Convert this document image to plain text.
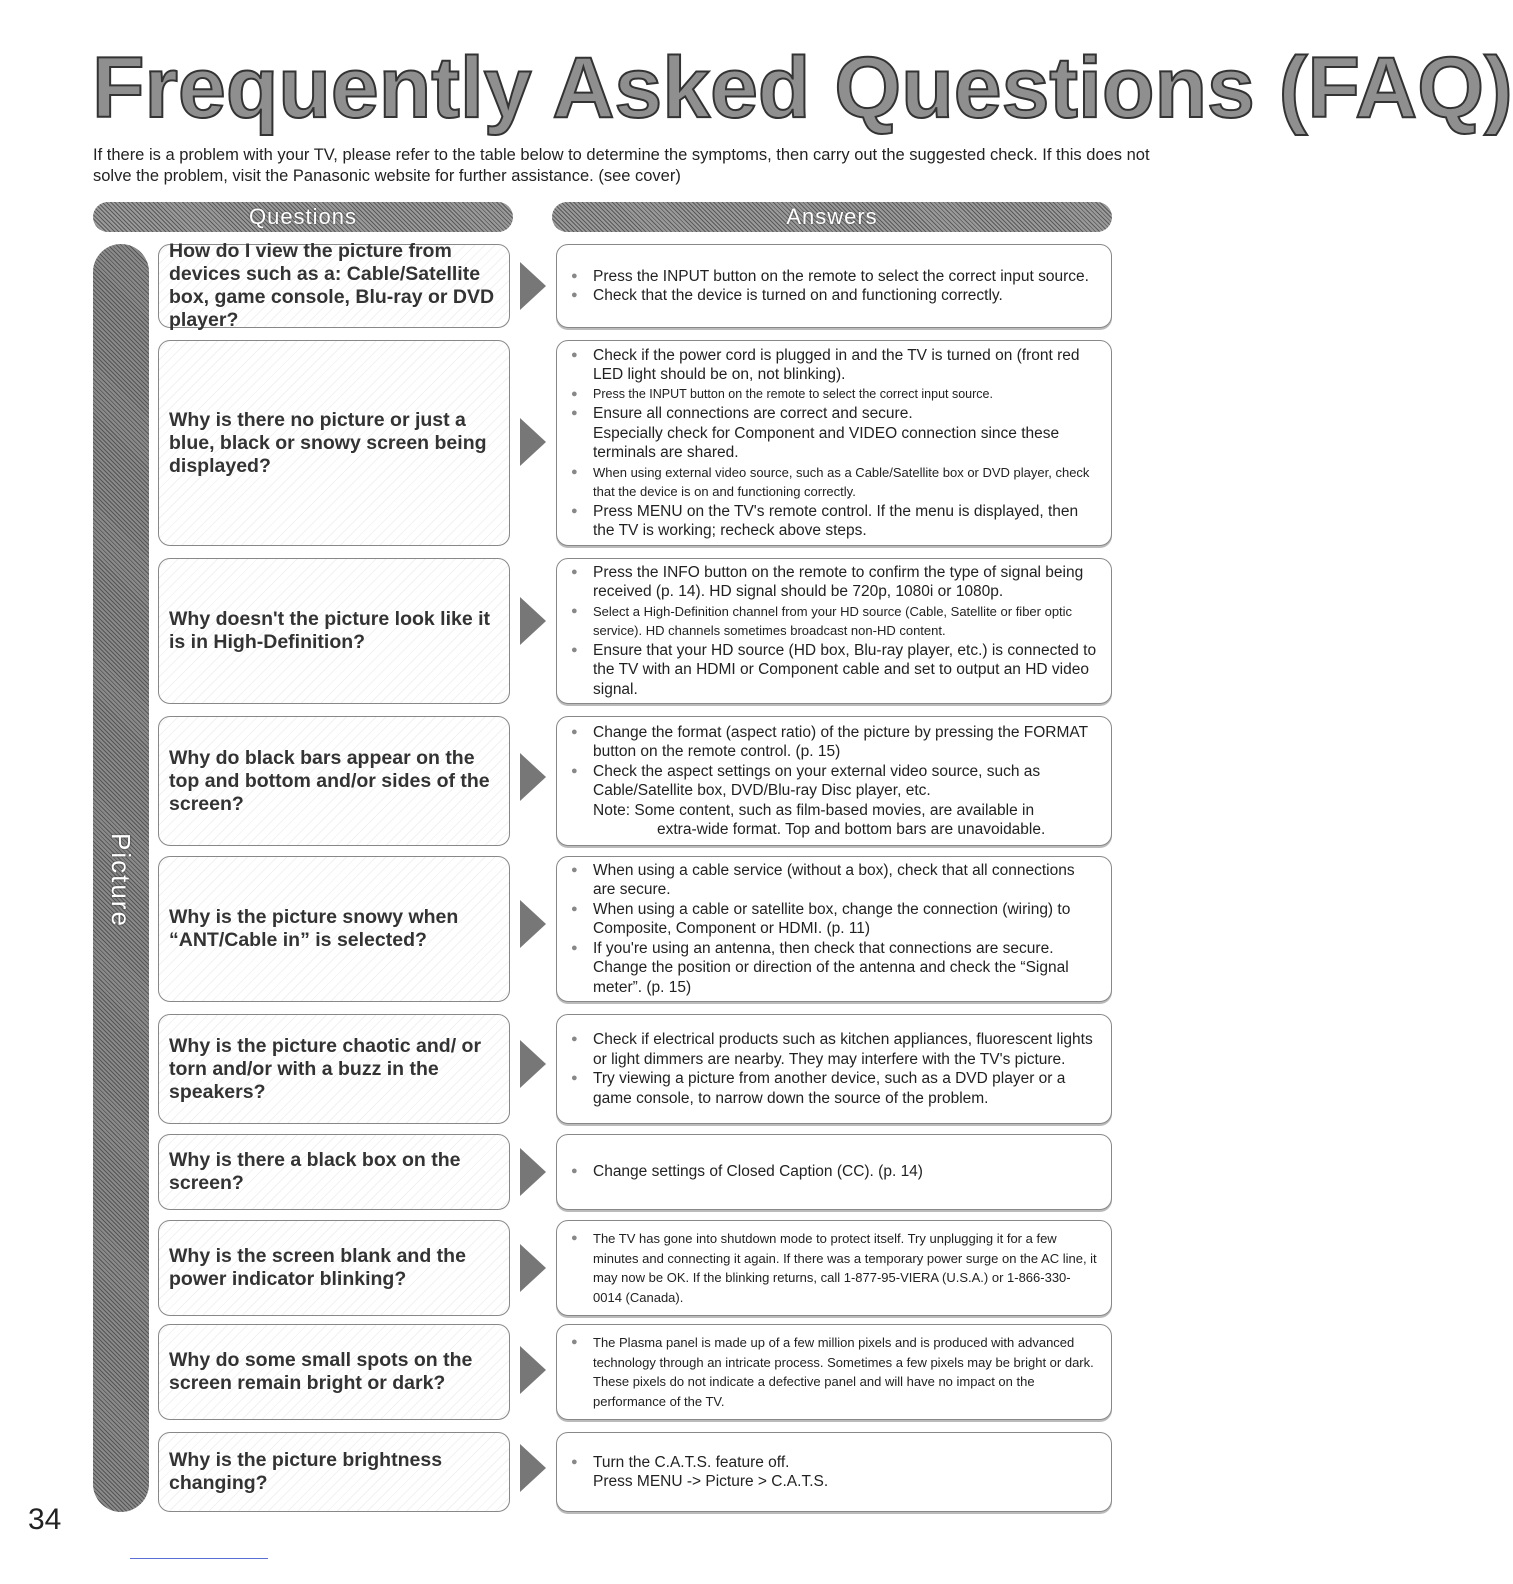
Frequently Asked Questions (FAQ)
If there is a problem with your TV, please refer to the table below to determine the symptoms, then carry out the suggested check. If this does not solve the problem, visit the Panasonic website for further assistance. (see cover)
Questions	Answers
Picture
How do I view the picture from devices such as a: Cable/Satellite box, game console, Blu-ray or DVD player?
● Press the INPUT button on the remote to select the correct input source.
● Check that the device is turned on and functioning correctly.
Why is there no picture or just a blue, black or snowy screen being displayed?
● Check if the power cord is plugged in and the TV is turned on (front red LED light should be on, not blinking).
●	Press the INPUT button on the remote to select the correct input source.
● Ensure all connections are correct and secure.
Especially check for Component and VIDEO connection since these terminals are shared.
●	When using external video source, such as a Cable/Satellite box or DVD player, check that the device is on and functioning correctly.
● Press MENU on the TV's remote control. If the menu is displayed, then the TV is working; recheck above steps.
Why doesn't the picture look like it is in High-Definition?
● Press the INFO button on the remote to confirm the type of signal being received (p. 14). HD signal should be 720p, 1080i or 1080p.
●	Select a High-Definition channel from your HD source (Cable, Satellite or fiber optic service). HD channels sometimes broadcast non-HD content.
● Ensure that your HD source (HD box, Blu-ray player, etc.) is connected to the TV with an HDMI or Component cable and set to output an HD video signal.
Why do black bars appear on the top and bottom and/or sides of the screen?
● Change the format (aspect ratio) of the picture by pressing the FORMAT button on the remote control. (p. 15)
● Check the aspect settings on your external video source, such as Cable/Satellite box, DVD/Blu-ray Disc player, etc.
Note: Some content, such as film-based movies, are available in
extra-wide format. Top and bottom bars are unavoidable.
Why is the picture snowy when “ANT/Cable in” is selected?
● When using a cable service (without a box), check that all connections are secure.
● When using a cable or satellite box, change the connection (wiring) to Composite, Component or HDMI. (p. 11)
● If you're using an antenna, then check that connections are secure. Change the position or direction of the antenna and check the “Signal meter”. (p. 15)
Why is the picture chaotic and/ or torn and/or with a buzz in the speakers?
● Check if electrical products such as kitchen appliances, fluorescent lights or light dimmers are nearby. They may interfere with the TV's picture.
● Try viewing a picture from another device, such as a DVD player or a game console, to narrow down the source of the problem.
Why is there a black box on the screen?
● Change settings of Closed Caption (CC). (p. 14)
Why is the screen blank and the power indicator blinking?
●	The TV has gone into shutdown mode to protect itself. Try unplugging it for a few minutes and connecting it again. If there was a temporary power surge on the AC line, it may now be OK. If the blinking returns, call 1-877-95-VIERA (U.S.A.) or 1-866-330-0014 (Canada).
Why do some small spots on the screen remain bright or dark?
●	The Plasma panel is made up of a few million pixels and is produced with advanced technology through an intricate process. Sometimes a few pixels may be bright or dark. These pixels do not indicate a defective panel and will have no impact on the performance of the TV.
Why is the picture brightness changing?
● Turn the C.A.T.S. feature off.
Press MENU -> Picture > C.A.T.S.
34
